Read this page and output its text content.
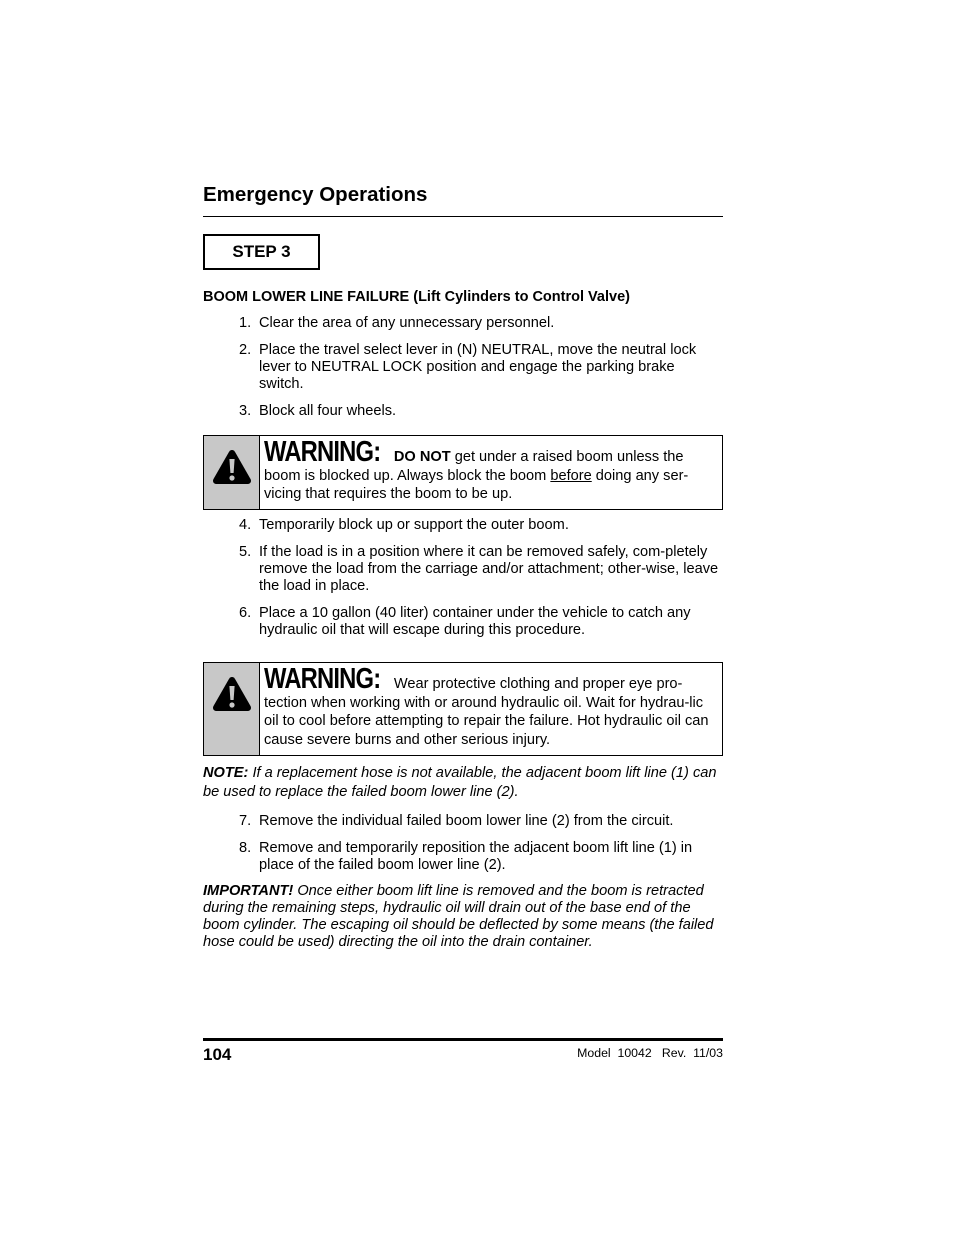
Emergency Operations
STEP 3
BOOM LOWER LINE FAILURE (Lift Cylinders to Control Valve)
1. Clear the area of any unnecessary personnel.
2. Place the travel select lever in (N) NEUTRAL, move the neutral lock lever to NEUTRAL LOCK position and engage the parking brake switch.
3. Block all four wheels.
WARNING: DO NOT get under a raised boom unless the boom is blocked up. Always block the boom before doing any ser-vicing that requires the boom to be up.
4. Temporarily block up or support the outer boom.
5. If the load is in a position where it can be removed safely, com-pletely remove the load from the carriage and/or attachment; other-wise, leave the load in place.
6. Place a 10 gallon (40 liter) container under the vehicle to catch any hydraulic oil that will escape during this procedure.
WARNING: Wear protective clothing and proper eye pro-tection when working with or around hydraulic oil. Wait for hydrau-lic oil to cool before attempting to repair the failure. Hot hydraulic oil can cause severe burns and other serious injury.

NOTE: If a replacement hose is not available, the adjacent boom lift line (1) can be used to replace the failed boom lower line (2).

7. Remove the individual failed boom lower line (2) from the circuit.
8. Remove and temporarily reposition the adjacent boom lift line (1) in place of the failed boom lower line (2).

IMPORTANT! Once either boom lift line is removed and the boom is retracted during the remaining steps, hydraulic oil will drain out of the base end of the boom cylinder. The escaping oil should be deflected by some means (the failed hose could be used) directing the oil into the drain container.

104	Model  10042   Rev.  11/03
